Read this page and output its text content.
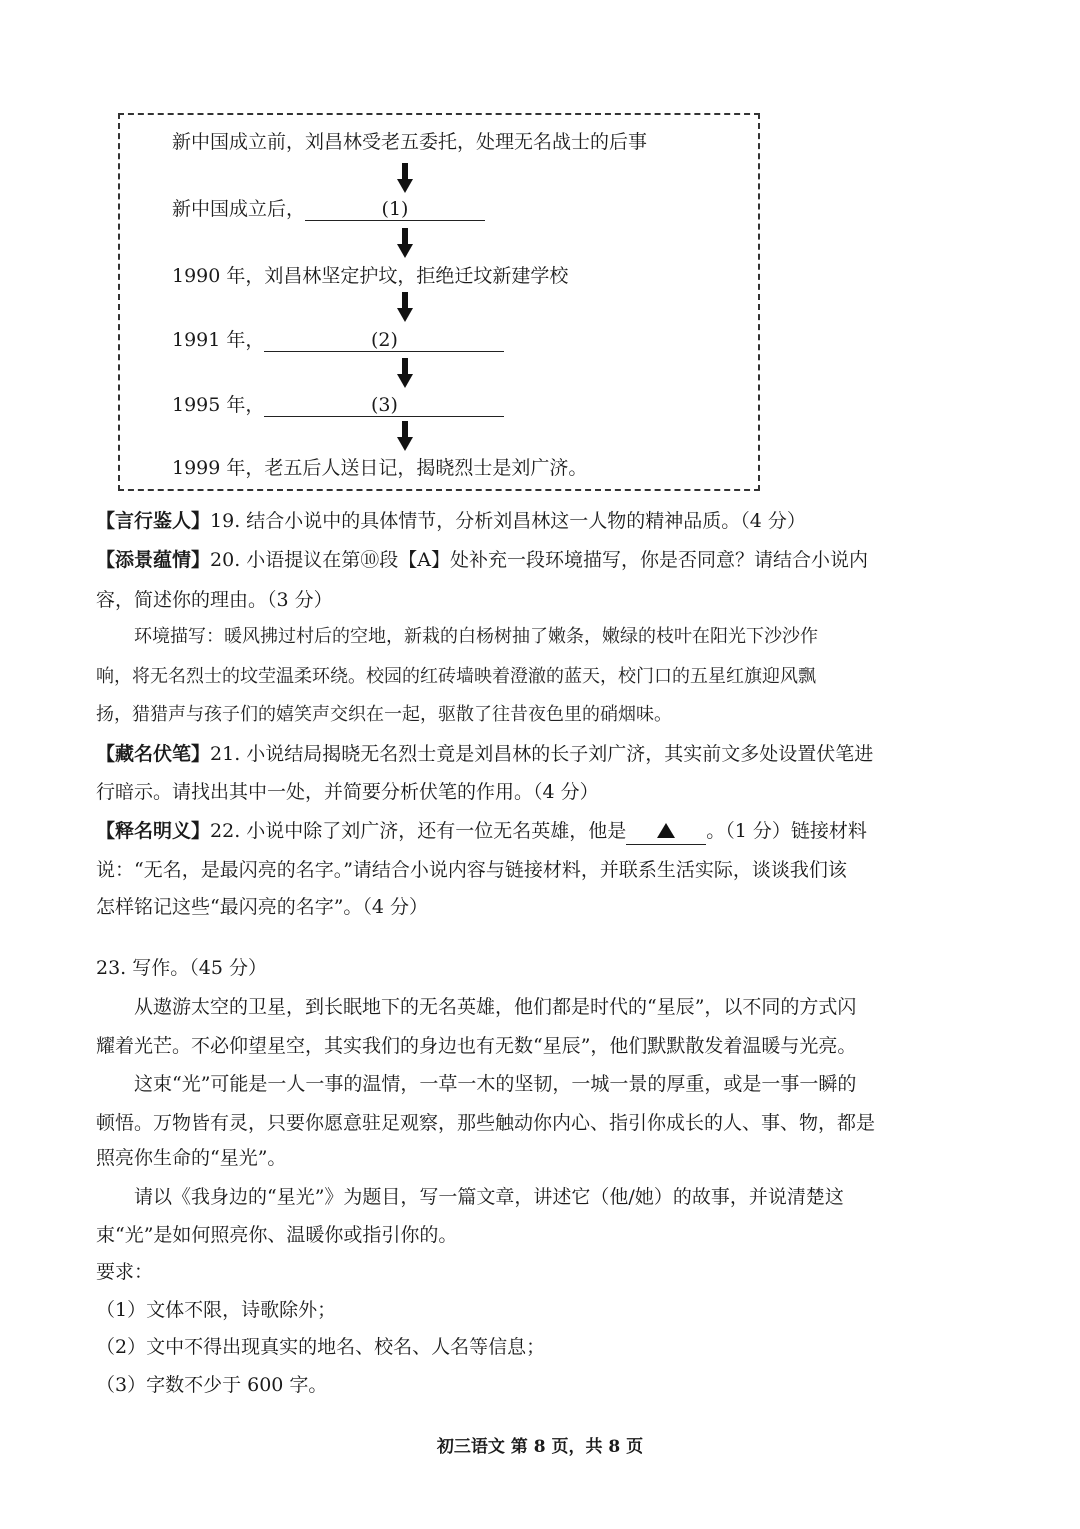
新中国成立前，刘昌林受老五委托，处理无名战士的后事
新中国成立后，	(1)
1990 年，刘昌林坚定护坟，拒绝迁坟新建学校
1991 年，	(2)
1995 年，	(3)
1999 年，老五后人送日记，揭晓烈士是刘广济。
【言行鉴人】19. 结合小说中的具体情节，分析刘昌林这一人物的精神品质。（4 分）
【添景蕴情】20. 小语提议在第⑩段【A】处补充一段环境描写，你是否同意？请结合小说内
容，简述你的理由。（3 分）
环境描写：暖风拂过村后的空地，新栽的白杨树抽了嫩条，嫩绿的枝叶在阳光下沙沙作
响，将无名烈士的坟茔温柔环绕。校园的红砖墙映着澄澈的蓝天，校门口的五星红旗迎风飘
扬，猎猎声与孩子们的嬉笑声交织在一起，驱散了往昔夜色里的硝烟味。
【藏名伏笔】21. 小说结局揭晓无名烈士竟是刘昌林的长子刘广济，其实前文多处设置伏笔进
行暗示。请找出其中一处，并简要分析伏笔的作用。（4 分）
【释名明义】22. 小说中除了刘广济，还有一位无名英雄，他是	。（1 分）链接材料
说：“无名，是最闪亮的名字。”请结合小说内容与链接材料，并联系生活实际，谈谈我们该
怎样铭记这些“最闪亮的名字”。（4 分）
23. 写作。（45 分）
从遨游太空的卫星，到长眠地下的无名英雄，他们都是时代的“星辰”，以不同的方式闪
耀着光芒。不必仰望星空，其实我们的身边也有无数“星辰”，他们默默散发着温暖与光亮。
这束“光”可能是一人一事的温情，一草一木的坚韧，一城一景的厚重，或是一事一瞬的
顿悟。万物皆有灵，只要你愿意驻足观察，那些触动你内心、指引你成长的人、事、物，都是
照亮你生命的“星光”。
请以《我身边的“星光”》为题目，写一篇文章，讲述它（他/她）的故事，并说清楚这
束“光”是如何照亮你、温暖你或指引你的。
要求：
（1）文体不限，诗歌除外；
（2）文中不得出现真实的地名、校名、人名等信息；
（3）字数不少于 600 字。
初三语文 第 8 页，共 8 页
